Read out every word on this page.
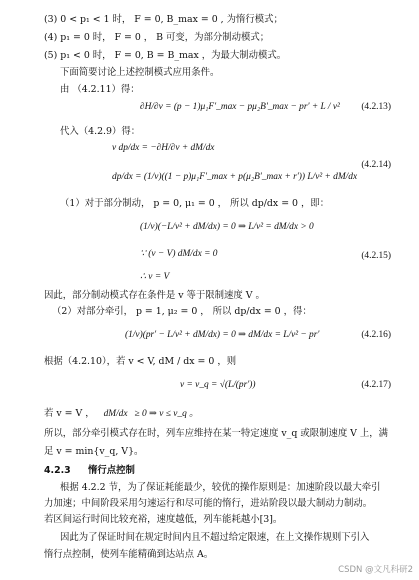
(3) 0 < p₁ < 1 时， F = 0, B_max = 0 , 为惰行模式；
(4) p₁ = 0 时， F = 0 ， B 可变，为部分制动模式；
(5) p₁ < 0 时， F = 0, B = B_max ，为最大制动模式。
下面简要讨论上述控制模式应用条件。
由 （4.2.11）得：
∂H/∂v = (p − 1)μ₁F'_max − pμ₂B'_max − pr' + L / v² (4.2.13)
代入（4.2.9）得：
v dp/dx = −∂H/∂v + dM/dx
dp/dx = (1/v)((1 − p)μ₁F'_max + p(μ₂B'_max + r')) L/v² + dM/dx
(4.2.14)
（1）对于部分制动， p = 0, μ₁ = 0 ， 所以 dp/dx = 0 ，即：
(1/v)(−L/v² + dM/dx) = 0 ⇒ L/v² = dM/dx > 0
∵ (v − V) dM/dx = 0
∴ v = V
(4.2.15)
因此，部分制动模式存在条件是 v 等于限制速度 V 。
（2）对部分牵引， p = 1, μ₂ = 0 ， 所以 dp/dx = 0 ，得：
(1/v)(pr' − L/v² + dM/dx) = 0 ⇒ dM/dx = L/v² − pr'	(4.2.16)
根据（4.2.10），若 v < V, dM / dx = 0 ，则
v = v_q = √(L/(pr'))	(4.2.17)
若 v = V ， dM/dx ≥ 0 ⇒ v ≤ v_q 。
所以，部分牵引模式存在时，列车应维持在某一特定速度 v_q 或限制速度 V 上，满
足 v = min{v_q, V}。
4.2.3 惰行点控制
根据 4.2.2 节，为了保证耗能最少，较优的操作原则是：加速阶段以最大牵引
力加速；中间阶段采用匀速运行和尽可能的惰行，进站阶段以最大制动力制动。
若区间运行时间比较充裕，速度越低，列车能耗越小[3]。
因此为了保证时间在规定时间内且不超过给定限速，在上文操作规则下引入
惰行点控制，使列车能精确到达站点 A。
CSDN @文凡科研2
